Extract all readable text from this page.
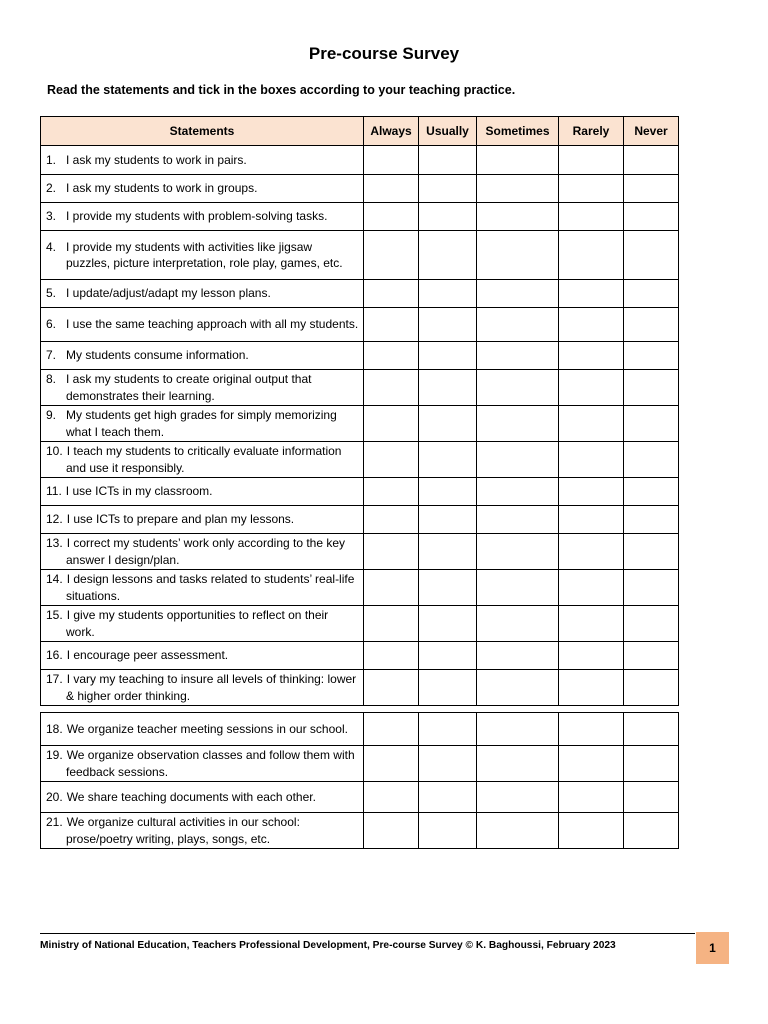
Pre-course Survey
Read the statements and tick in the boxes according to your teaching practice.
Statements	Always	Usually	Sometimes	Rarely	Never

1. I ask my students to work in pairs.					

2. I ask my students to work in groups.					

3. I provide my students with problem-solving tasks.					

4. I provide my students with activities like jigsaw puzzles, picture interpretation, role play, games, etc.					

5. I update/adjust/adapt my lesson plans.					

6. I use the same teaching approach with all my students.					

7. My students consume information.					

8. I ask my students to create original output that demonstrates their learning.					

9. My students get high grades for simply memorizing what I teach them.					

10. I teach my students to critically evaluate information and use it responsibly.					

11. I use ICTs in my classroom.					

12. I use ICTs to prepare and plan my lessons.					

13. I correct my students’ work only according to the key answer I design/plan.					

14. I design lessons and tasks related to students’ real-life situations.					

15. I give my students opportunities to reflect on their work.					

16. I encourage peer assessment.					

17. I vary my teaching to insure all levels of thinking: lower & higher order thinking.					

18. We organize teacher meeting sessions in our school.					

19. We organize observation classes and follow them with feedback sessions.					

20. We share teaching documents with each other.					

21. We organize cultural activities in our school: prose/poetry writing, plays, songs, etc.					

Ministry of National Education, Teachers Professional Development, Pre-course Survey © K. Baghoussi, February 2023	1
